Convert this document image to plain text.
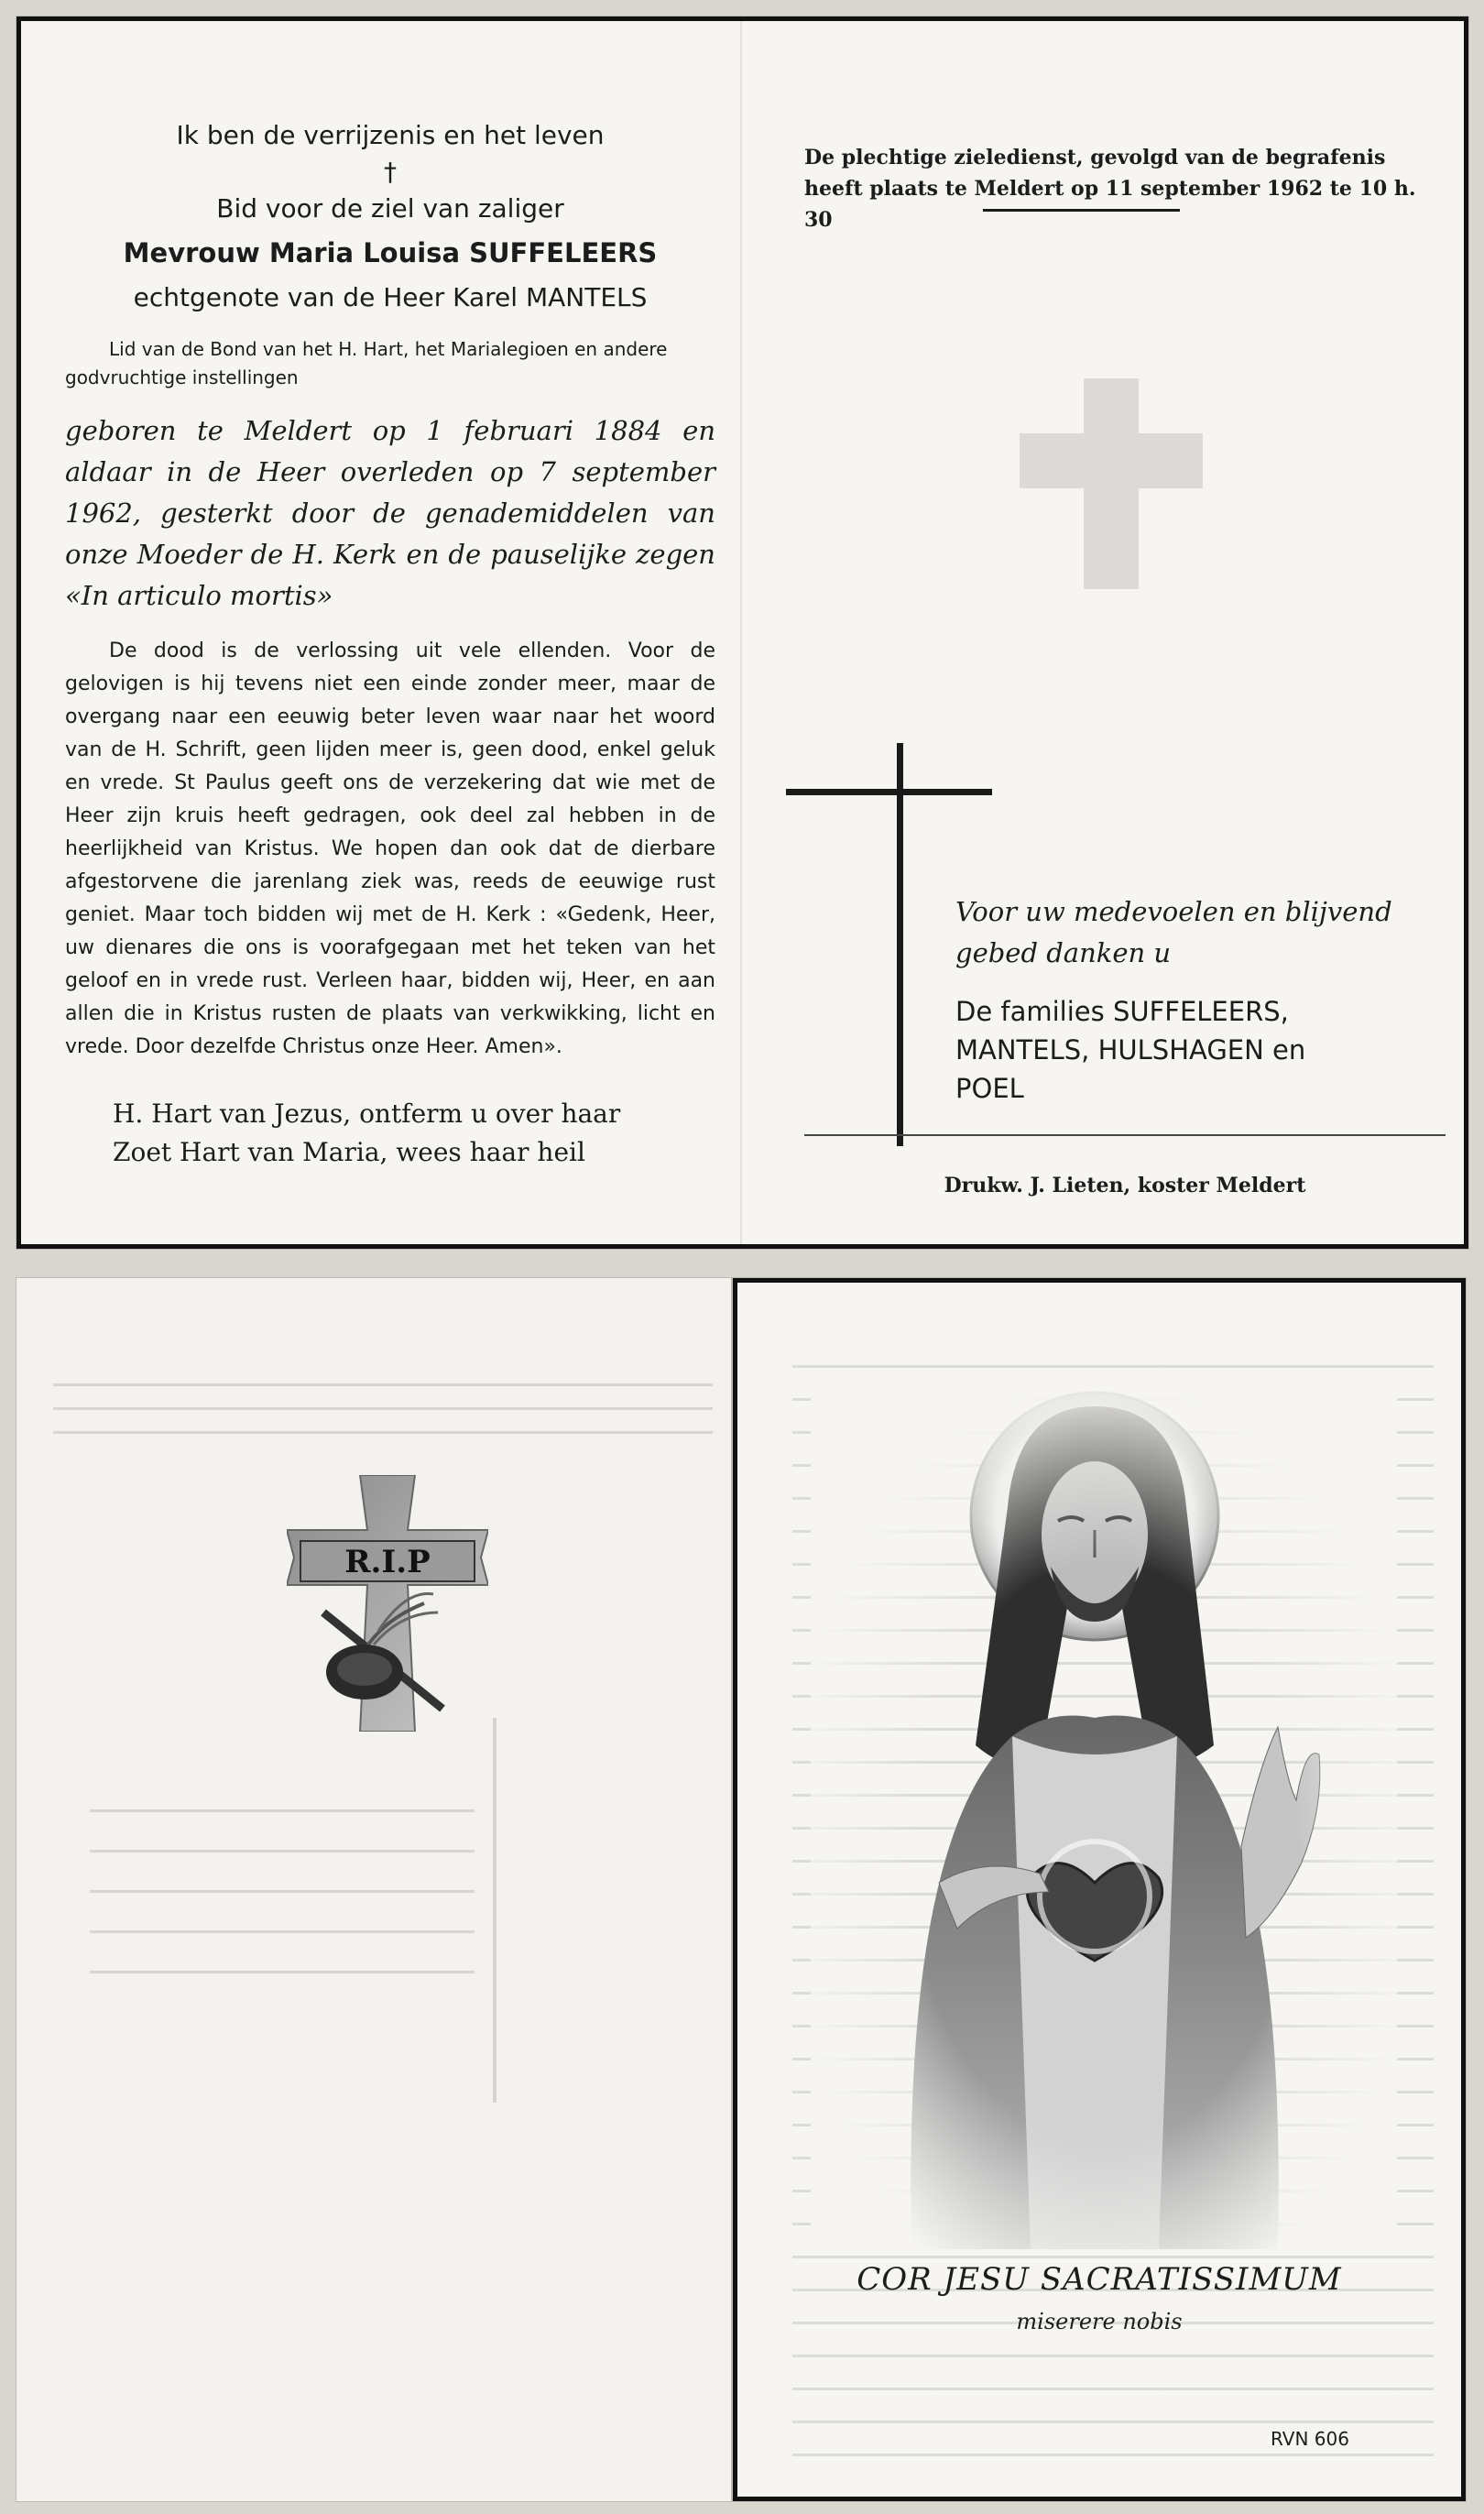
Ik ben de verrijzenis en het leven
†
Bid voor de ziel van zaliger
Mevrouw Maria Louisa SUFFELEERS
echtgenote van de Heer Karel MANTELS
Lid van de Bond van het H. Hart, het Marialegioen en andere godvruchtige instellingen
geboren te Meldert op 1 februari 1884 en aldaar in de Heer overleden op 7 september 1962, gesterkt door de genademiddelen van onze Moeder de H. Kerk en de pauselijke zegen «In articulo mortis»
De dood is de verlossing uit vele ellenden. Voor de gelovigen is hij tevens niet een einde zonder meer, maar de overgang naar een eeuwig beter leven waar naar het woord van de H. Schrift, geen lijden meer is, geen dood, enkel geluk en vrede. St Paulus geeft ons de verzekering dat wie met de Heer zijn kruis heeft gedragen, ook deel zal hebben in de heerlijkheid van Kristus. We hopen dan ook dat de dierbare afgestorvene die jarenlang ziek was, reeds de eeuwige rust geniet. Maar toch bidden wij met de H. Kerk : «Gedenk, Heer, uw dienares die ons is voorafgegaan met het teken van het geloof en in vrede rust. Verleen haar, bidden wij, Heer, en aan allen die in Kristus rusten de plaats van verkwikking, licht en vrede. Door dezelfde Christus onze Heer. Amen».
H. Hart van Jezus, ontferm u over haar
Zoet Hart van Maria, wees haar heil
De plechtige zieledienst, gevolgd van de begrafenis heeft plaats te Meldert op 11 september 1962 te 10 h. 30
Voor uw medevoelen en blijvend gebed danken u
De families SUFFELEERS,
MANTELS, HULSHAGEN en
POEL
Drukw. J. Lieten, koster Meldert
R.I.P
COR JESU SACRATISSIMUM
miserere nobis
RVN 606
